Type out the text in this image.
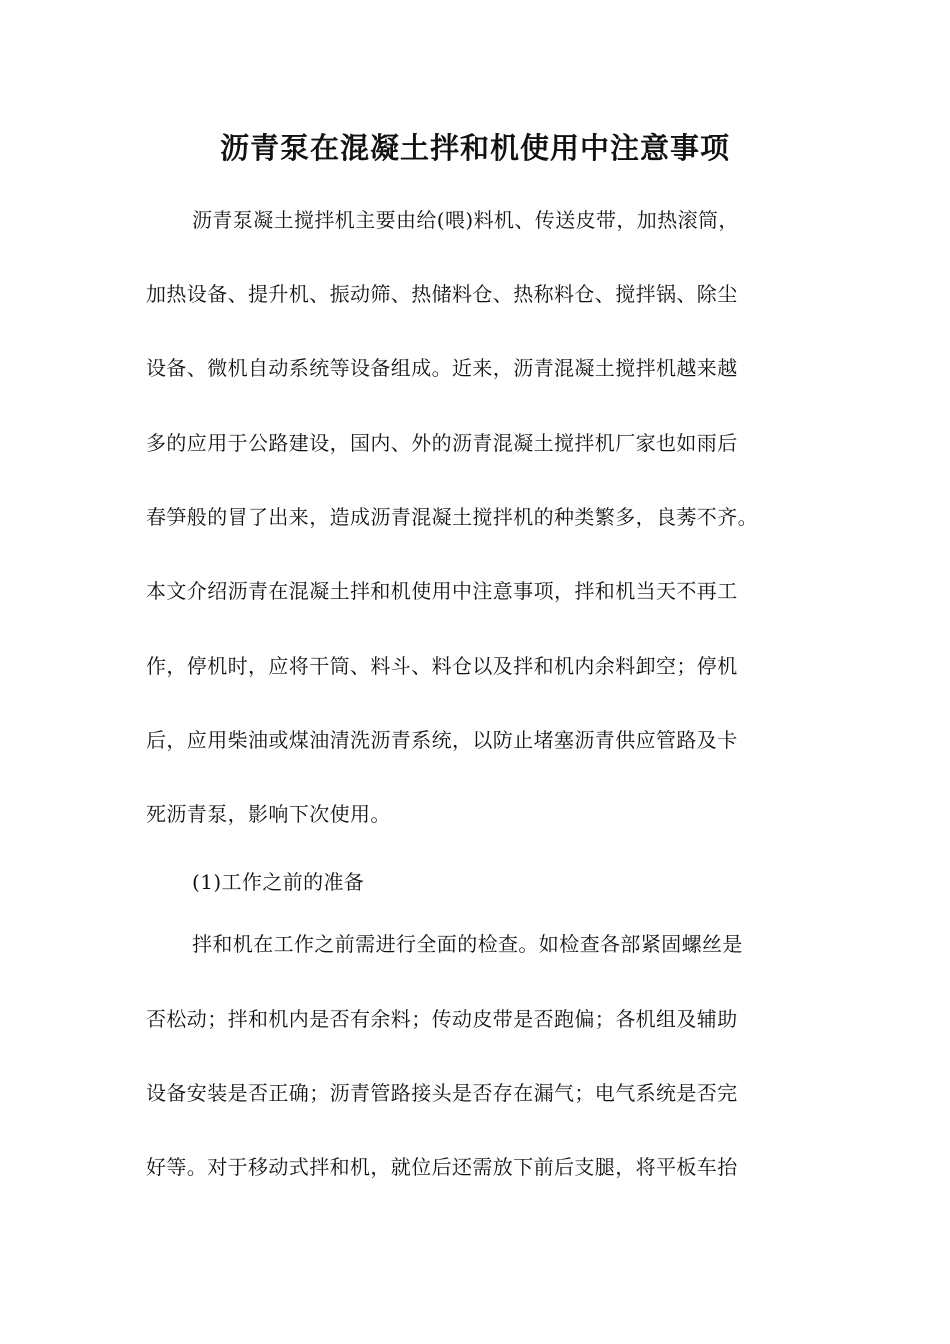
沥青泵在混凝土拌和机使用中注意事项
沥青泵凝土搅拌机主要由给(喂)料机、传送皮带，加热滚筒，
加热设备、提升机、振动筛、热储料仓、热称料仓、搅拌锅、除尘
设备、微机自动系统等设备组成。近来，沥青混凝土搅拌机越来越
多的应用于公路建设，国内、外的沥青混凝土搅拌机厂家也如雨后
春笋般的冒了出来，造成沥青混凝土搅拌机的种类繁多，良莠不齐。
本文介绍沥青在混凝土拌和机使用中注意事项，拌和机当天不再工
作，停机时，应将干筒、料斗、料仓以及拌和机内余料卸空；停机
后，应用柴油或煤油清洗沥青系统，以防止堵塞沥青供应管路及卡
死沥青泵，影响下次使用。
(1)工作之前的准备
拌和机在工作之前需进行全面的检查。如检查各部紧固螺丝是
否松动；拌和机内是否有余料；传动皮带是否跑偏；各机组及辅助
设备安装是否正确；沥青管路接头是否存在漏气；电气系统是否完
好等。对于移动式拌和机，就位后还需放下前后支腿，将平板车抬
